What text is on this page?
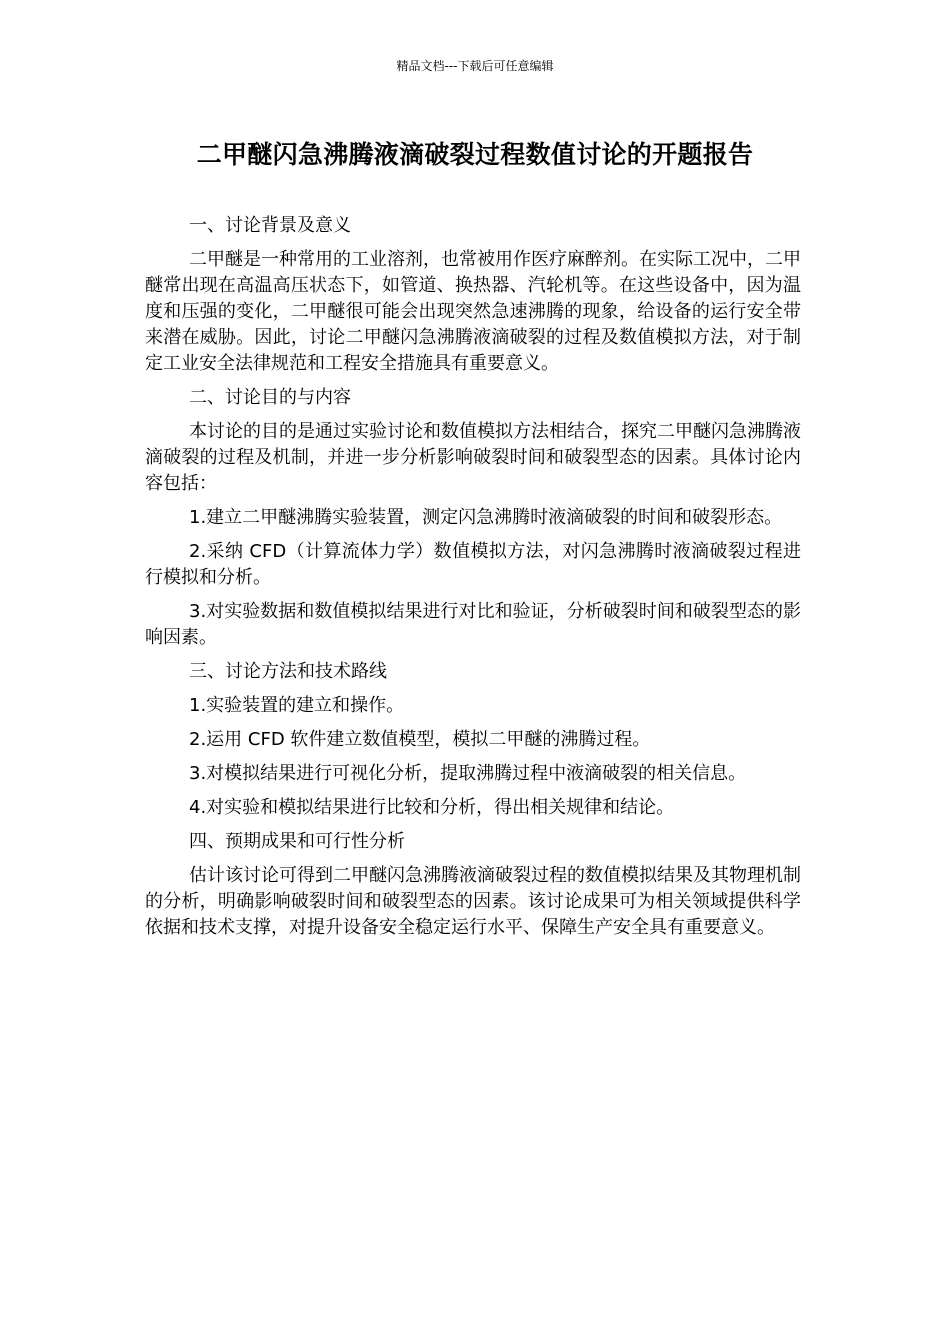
精品文档---下载后可任意编辑
二甲醚闪急沸腾液滴破裂过程数值讨论的开题报告

一、讨论背景及意义

二甲醚是一种常用的工业溶剂，也常被用作医疗麻醉剂。在实际工况中，二甲醚常出现在高温高压状态下，如管道、换热器、汽轮机等。在这些设备中，因为温度和压强的变化，二甲醚很可能会出现突然急速沸腾的现象，给设备的运行安全带来潜在威胁。因此，讨论二甲醚闪急沸腾液滴破裂的过程及数值模拟方法，对于制定工业安全法律规范和工程安全措施具有重要意义。

二、讨论目的与内容

本讨论的目的是通过实验讨论和数值模拟方法相结合，探究二甲醚闪急沸腾液滴破裂的过程及机制，并进一步分析影响破裂时间和破裂型态的因素。具体讨论内容包括：

1.建立二甲醚沸腾实验装置，测定闪急沸腾时液滴破裂的时间和破裂形态。

2.采纳 CFD（计算流体力学）数值模拟方法，对闪急沸腾时液滴破裂过程进行模拟和分析。

3.对实验数据和数值模拟结果进行对比和验证，分析破裂时间和破裂型态的影响因素。

三、讨论方法和技术路线

1.实验装置的建立和操作。

2.运用 CFD 软件建立数值模型，模拟二甲醚的沸腾过程。

3.对模拟结果进行可视化分析，提取沸腾过程中液滴破裂的相关信息。

4.对实验和模拟结果进行比较和分析，得出相关规律和结论。

四、预期成果和可行性分析

估计该讨论可得到二甲醚闪急沸腾液滴破裂过程的数值模拟结果及其物理机制的分析，明确影响破裂时间和破裂型态的因素。该讨论成果可为相关领域提供科学依据和技术支撑，对提升设备安全稳定运行水平、保障生产安全具有重要意义。
